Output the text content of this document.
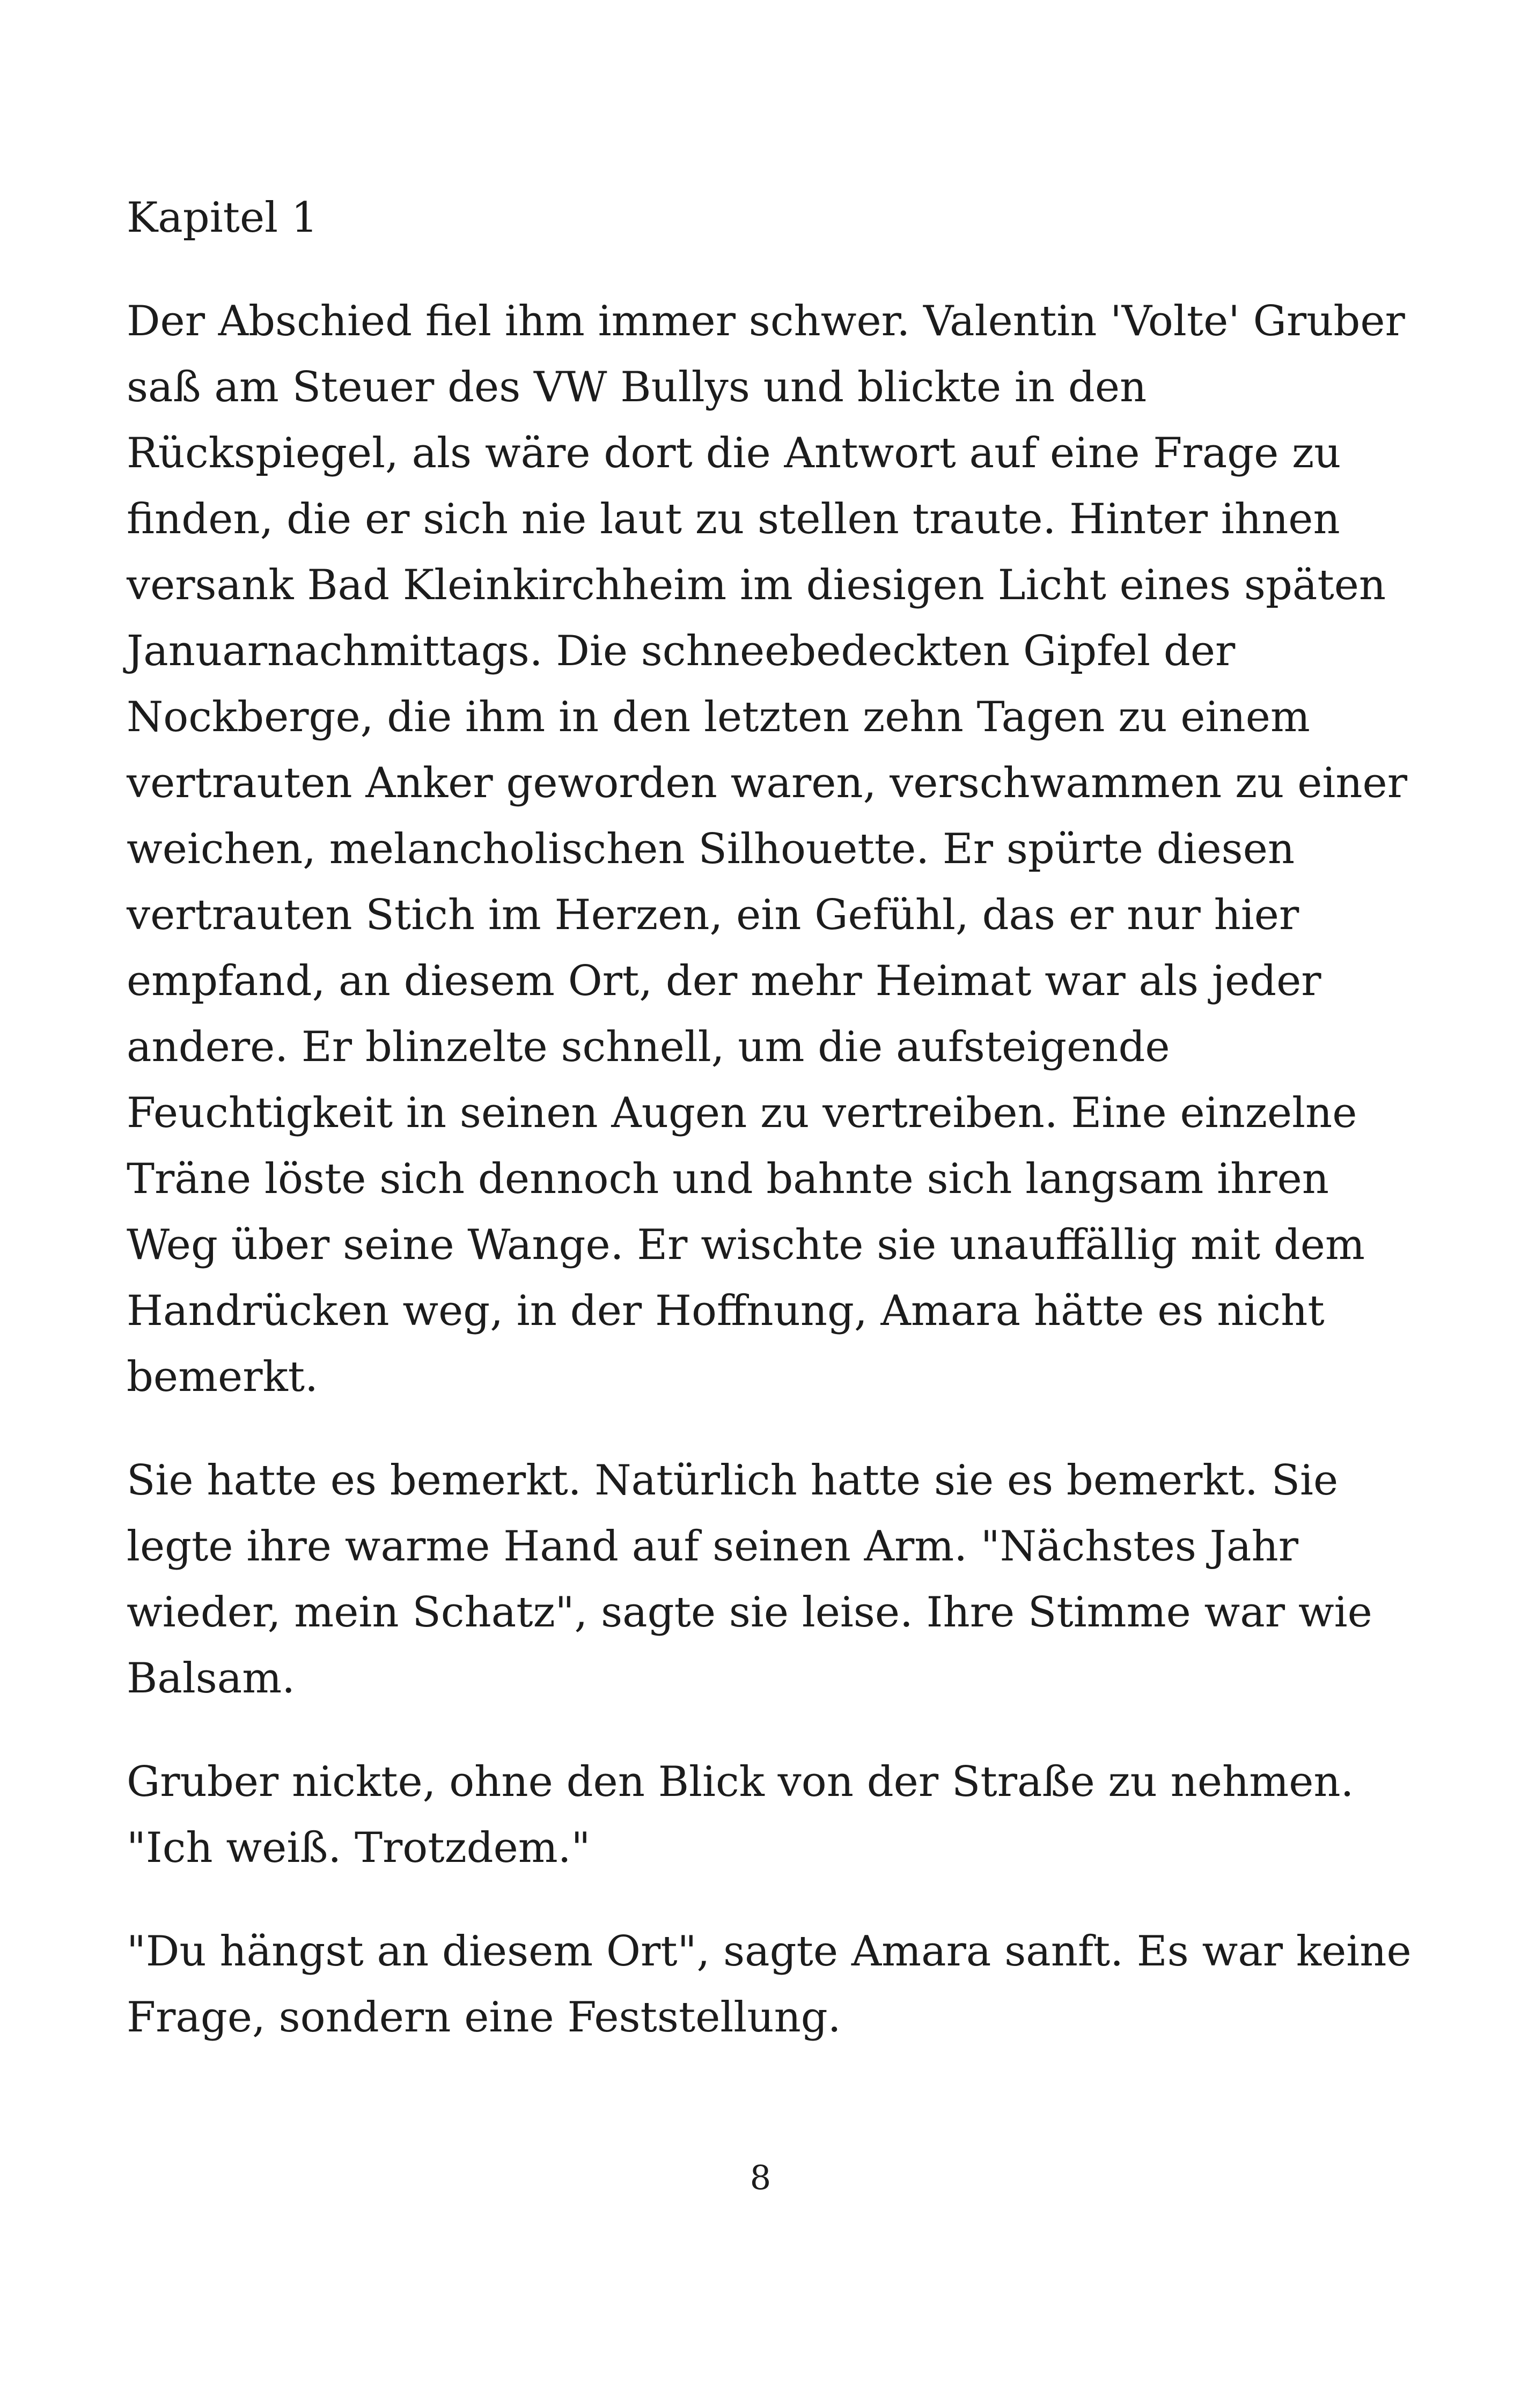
Kapitel 1
Der Abschied fiel ihm immer schwer. Valentin 'Volte' Gruber
saß am Steuer des VW Bullys und blickte in den
Rückspiegel, als wäre dort die Antwort auf eine Frage zu
finden, die er sich nie laut zu stellen traute. Hinter ihnen
versank Bad Kleinkirchheim im diesigen Licht eines späten
Januarnachmittags. Die schneebedeckten Gipfel der
Nockberge, die ihm in den letzten zehn Tagen zu einem
vertrauten Anker geworden waren, verschwammen zu einer
weichen, melancholischen Silhouette. Er spürte diesen
vertrauten Stich im Herzen, ein Gefühl, das er nur hier
empfand, an diesem Ort, der mehr Heimat war als jeder
andere. Er blinzelte schnell, um die aufsteigende
Feuchtigkeit in seinen Augen zu vertreiben. Eine einzelne
Träne löste sich dennoch und bahnte sich langsam ihren
Weg über seine Wange. Er wischte sie unauffällig mit dem
Handrücken weg, in der Hoffnung, Amara hätte es nicht
bemerkt.
Sie hatte es bemerkt. Natürlich hatte sie es bemerkt. Sie
legte ihre warme Hand auf seinen Arm. "Nächstes Jahr
wieder, mein Schatz", sagte sie leise. Ihre Stimme war wie
Balsam.
Gruber nickte, ohne den Blick von der Straße zu nehmen.
"Ich weiß. Trotzdem."
"Du hängst an diesem Ort", sagte Amara sanft. Es war keine
Frage, sondern eine Feststellung.
8
